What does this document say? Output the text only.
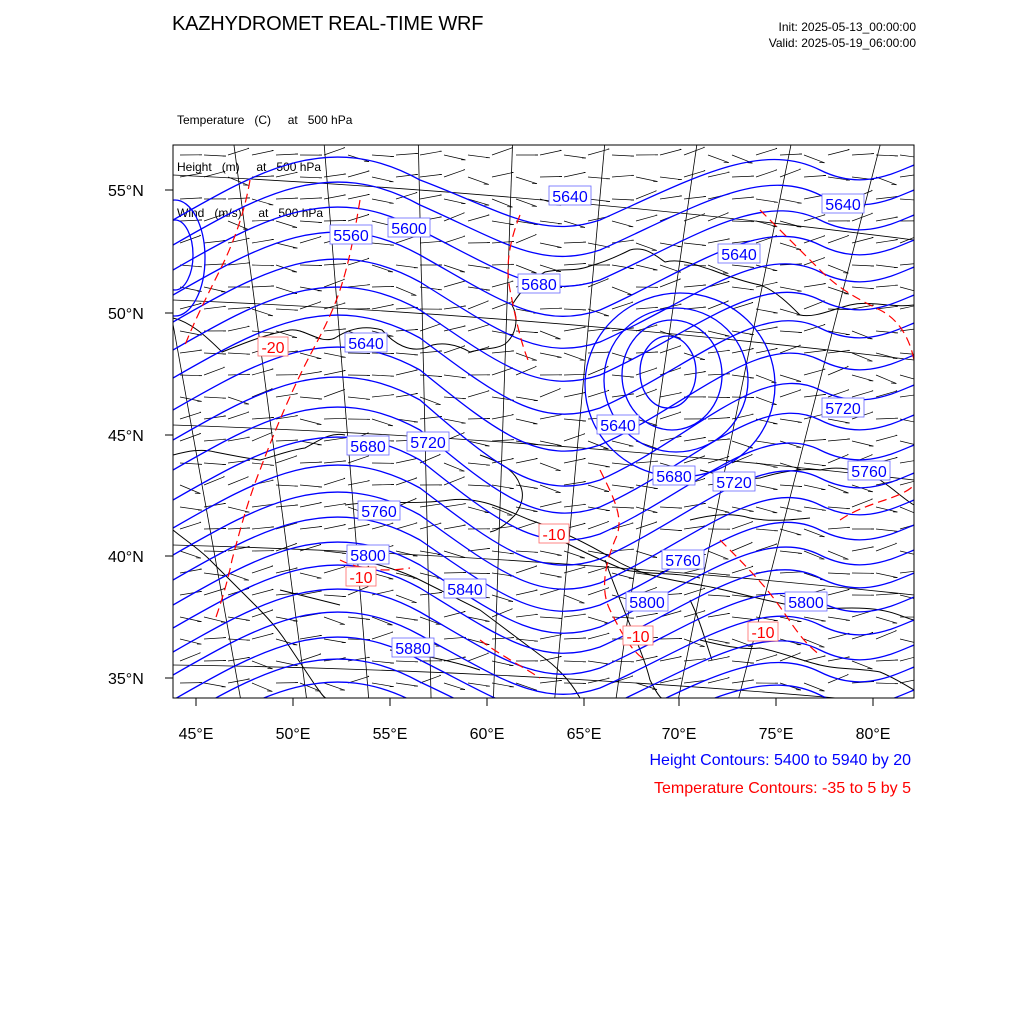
KAZHYDROMET REAL-TIME WRF	Init: 2025-05-13_00:00:00
Valid: 2025-05-19_06:00:00

Temperature   (C)     at   500 hPa

Height   (m)     at   500 hPa

Wind   (m/s)     at   500 hPa

55°N
50°N
45°N
40°N
35°N
45°E	50°E	55°E	60°E	65°E	70°E	75°E	80°E
5560 5600
5640	5640
5640
5640
5640
5680
5680
5680
5720
5720
5720
5760
5760
5760
5800
5800	5800
5840
5880
-20
-10
-10
-10	-10
Height Contours: 5400 to 5940 by 20
Temperature Contours: -35 to 5 by 5
